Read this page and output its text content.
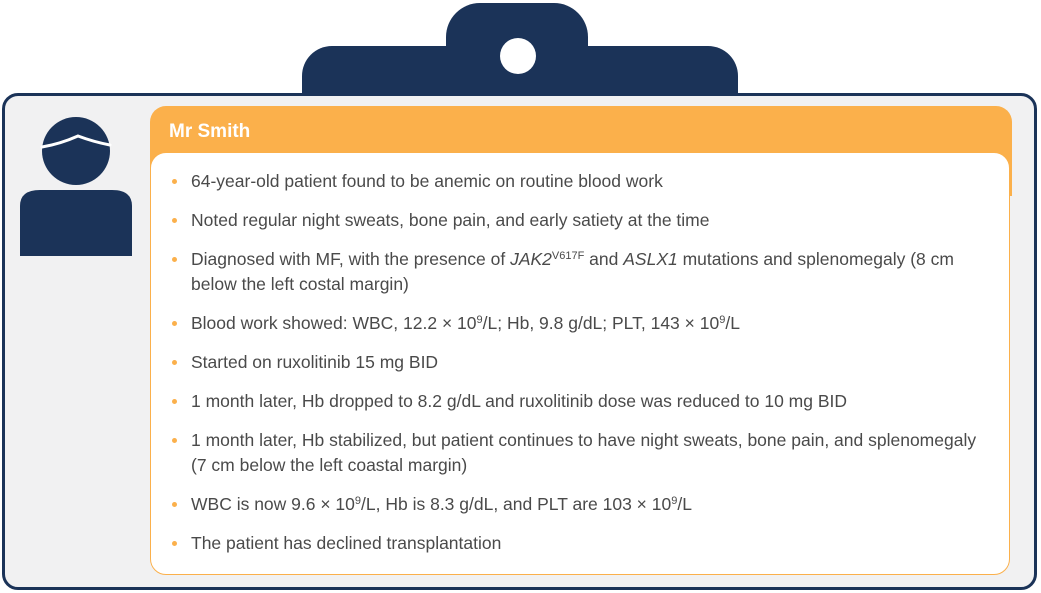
Mr Smith
64-year-old patient found to be anemic on routine blood work
Noted regular night sweats, bone pain, and early satiety at the time
Diagnosed with MF, with the presence of $JAK2^{V617F}$ and ASLX1 mutations and splenomegaly (8 cm below the left costal margin)
Blood work showed: WBC, $12.2 \times 10^9/L$; Hb, 9.8 g/dL; PLT, $143 \times 10^9/L$
Started on ruxolitinib 15 mg BID
1 month later, Hb dropped to 8.2 g/dL and ruxolitinib dose was reduced to 10 mg BID
1 month later, Hb stabilized, but patient continues to have night sweats, bone pain, and splenomegaly (7 cm below the left coastal margin)
WBC is now $9.6 \times 10^9/L$, Hb is 8.3 g/dL, and PLT are $103 \times 10^9/L$
The patient has declined transplantation
